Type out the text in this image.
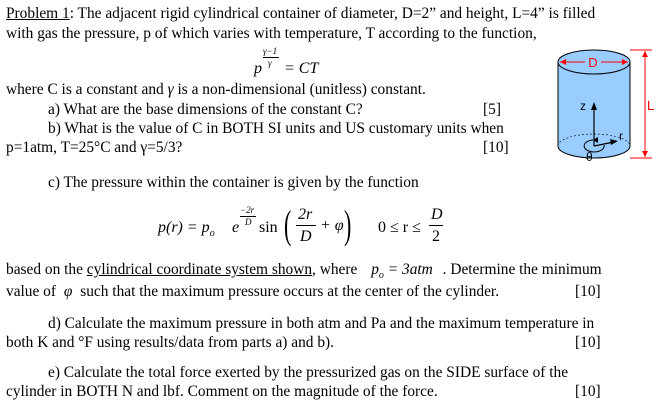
Problem 1: The adjacent rigid cylindrical container of diameter, D=2” and height, L=4” is filled
with gas the pressure, p of which varies with temperature, T according to the function,
p
γ−1
γ = CT
where C is a constant and γ is a non-dimensional (unitless) constant.
a) What are the base dimensions of the constant C?	[5]
b) What is the value of C in BOTH SI units and US customary units when
p=1atm, T=25°C and γ=5/3?	[10]
c) The pressure within the container is given by the function
$p(r) = p_o$ e
−2r
D sin ( 2r
D
+ φ ) 0 ≤ r ≤
D
2
based on the cylindrical coordinate system shown, where $p_o = 3atm$ . Determine the minimum
value of φ such that the maximum pressure occurs at the center of the cylinder.	[10]
d) Calculate the maximum pressure in both atm and Pa and the maximum temperature in
both K and °F using results/data from parts a) and b).	[10]
e) Calculate the total force exerted by the pressurized gas on the SIDE surface of the
cylinder in BOTH N and lbf. Comment on the magnitude of the force.	[10]
D
L
z
r
θ
